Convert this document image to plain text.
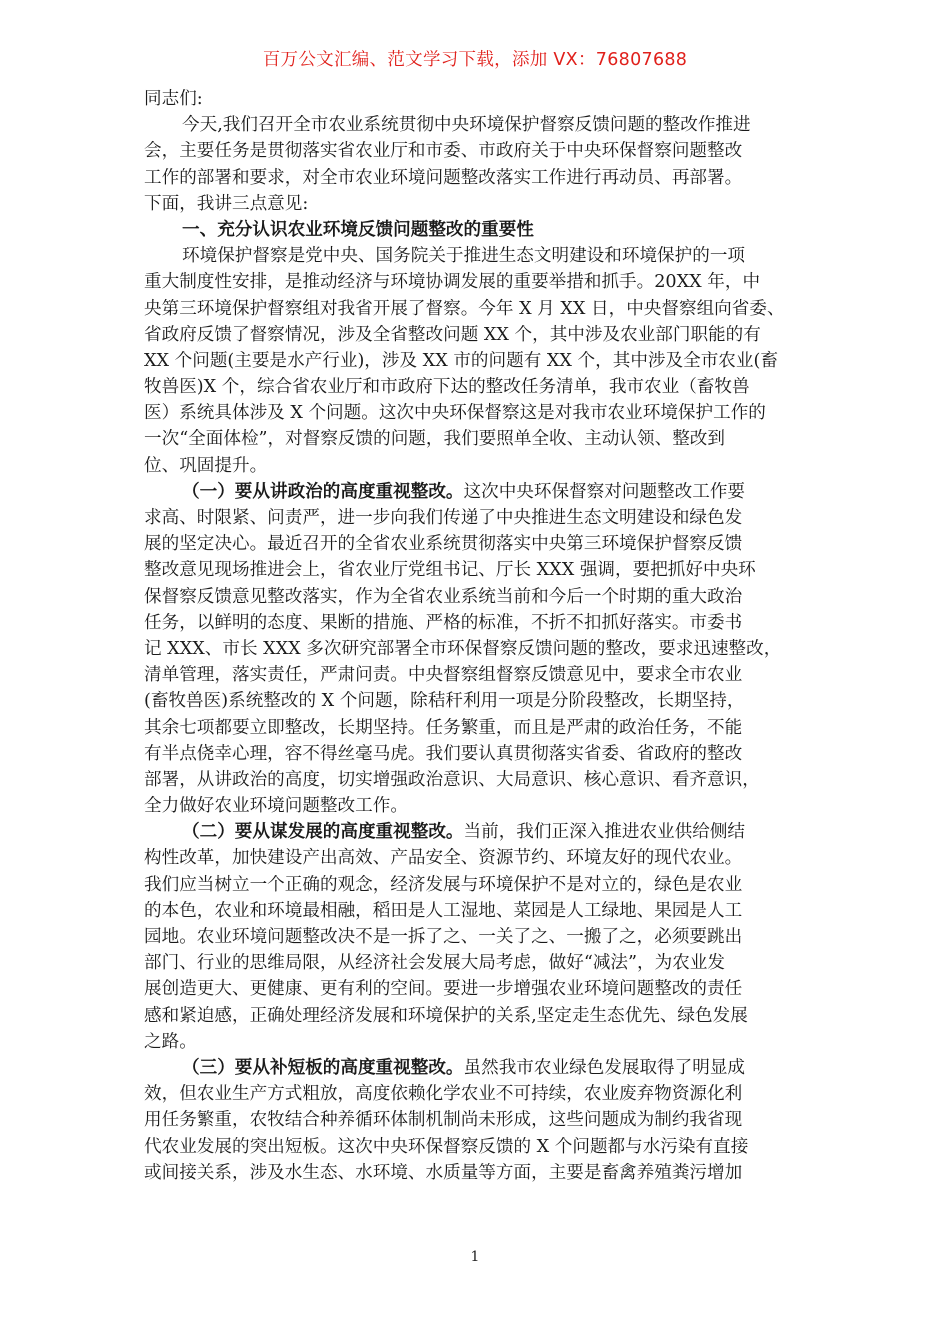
百万公文汇编、范文学习下载，添加 VX：76807688
同志们:
今天,我们召开全市农业系统贯彻中央环境保护督察反馈问题的整改作推进
会，主要任务是贯彻落实省农业厅和市委、市政府关于中央环保督察问题整改
工作的部署和要求，对全市农业环境问题整改落实工作进行再动员、再部署。
下面，我讲三点意见:
一、充分认识农业环境反馈问题整改的重要性
环境保护督察是党中央、国务院关于推进生态文明建设和环境保护的一项
重大制度性安排，是推动经济与环境协调发展的重要举措和抓手。20XX 年，中
央第三环境保护督察组对我省开展了督察。今年 X 月 XX 日，中央督察组向省委、
省政府反馈了督察情况，涉及全省整改问题 XX 个，其中涉及农业部门职能的有
XX 个问题(主要是水产行业)，涉及 XX 市的问题有 XX 个，其中涉及全市农业(畜
牧兽医)X 个，综合省农业厅和市政府下达的整改任务清单，我市农业（畜牧兽
医）系统具体涉及 X 个问题。这次中央环保督察这是对我市农业环境保护工作的
一次“全面体检”，对督察反馈的问题，我们要照单全收、主动认领、整改到
位、巩固提升。
（一）要从讲政治的高度重视整改。这次中央环保督察对问题整改工作要
求高、时限紧、问责严，进一步向我们传递了中央推进生态文明建设和绿色发
展的坚定决心。最近召开的全省农业系统贯彻落实中央第三环境保护督察反馈
整改意见现场推进会上，省农业厅党组书记、厅长 XXX 强调，要把抓好中央环
保督察反馈意见整改落实，作为全省农业系统当前和今后一个时期的重大政治
任务，以鲜明的态度、果断的措施、严格的标准，不折不扣抓好落实。市委书
记 XXX、市长 XXX 多次研究部署全市环保督察反馈问题的整改，要求迅速整改，
清单管理，落实责任，严肃问责。中央督察组督察反馈意见中，要求全市农业
(畜牧兽医)系统整改的 X 个问题，除秸秆利用一项是分阶段整改，长期坚持，
其余七项都要立即整改，长期坚持。任务繁重，而且是严肃的政治任务，不能
有半点侥幸心理，容不得丝毫马虎。我们要认真贯彻落实省委、省政府的整改
部署，从讲政治的高度，切实增强政治意识、大局意识、核心意识、看齐意识，
全力做好农业环境问题整改工作。
（二）要从谋发展的高度重视整改。当前，我们正深入推进农业供给侧结
构性改革，加快建设产出高效、产品安全、资源节约、环境友好的现代农业。
我们应当树立一个正确的观念，经济发展与环境保护不是对立的，绿色是农业
的本色，农业和环境最相融，稻田是人工湿地、菜园是人工绿地、果园是人工
园地。农业环境问题整改决不是一拆了之、一关了之、一搬了之，必须要跳出
部门、行业的思维局限，从经济社会发展大局考虑，做好“减法”，为农业发
展创造更大、更健康、更有利的空间。要进一步增强农业环境问题整改的责任
感和紧迫感，正确处理经济发展和环境保护的关系,坚定走生态优先、绿色发展
之路。
（三）要从补短板的高度重视整改。虽然我市农业绿色发展取得了明显成
效，但农业生产方式粗放，高度依赖化学农业不可持续，农业废弃物资源化利
用任务繁重，农牧结合种养循环体制机制尚未形成，这些问题成为制约我省现
代农业发展的突出短板。这次中央环保督察反馈的 X 个问题都与水污染有直接
或间接关系，涉及水生态、水环境、水质量等方面，主要是畜禽养殖粪污增加
1
